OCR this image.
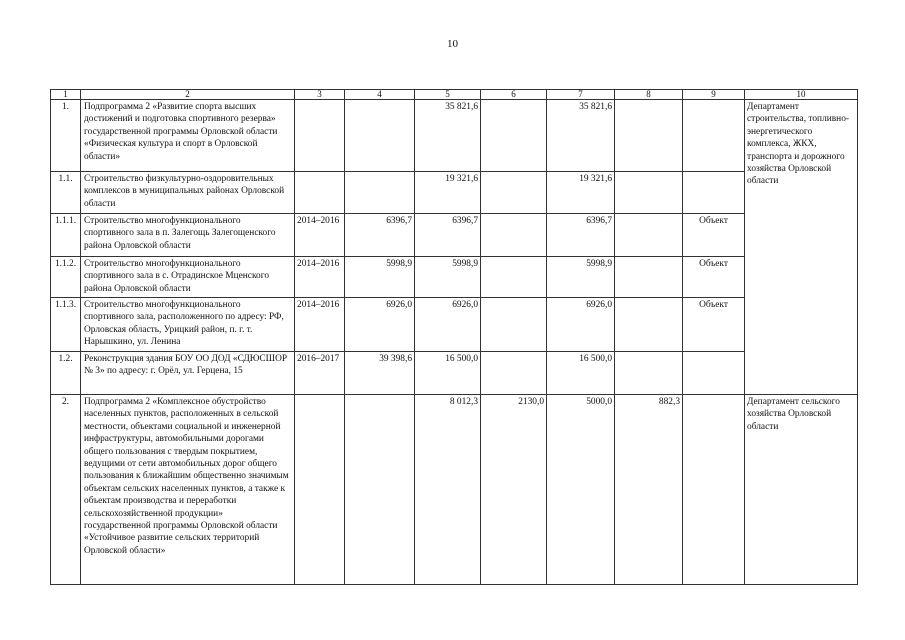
10
1	2	3	4	5	6	7	8	9	10
1.	Подпрограмма 2 «Развитие спорта высших достижений и подготовка спортивного резерва» государственной программы Орловской области «Физическая культура и спорт в Орловской области»			35 821,6		35 821,6			Департамент строительства, топливно-энергетического комплекса, ЖКХ, транспорта и дорожного хозяйства Орловской области
1.1.	Строительство физкультурно-оздоровительных комплексов в муниципальных районах Орловской области			19 321,6		19 321,6			
1.1.1.	Строительство многофункционального спортивного зала в п. Залегощь Залегощенского района Орловской области	2014–2016	6396,7	6396,7		6396,7		Объект	
1.1.2.	Строительство многофункционального спортивного зала в с. Отрадинское Мценского района Орловской области	2014–2016	5998,9	5998,9		5998,9		Объект	
1.1.3.	Строительство многофункционального спортивного зала, расположенного по адресу: РФ, Орловская область, Урицкий район, п. г. т. Нарышкино, ул. Ленина	2014–2016	6926,0	6926,0		6926,0		Объект	
1.2.	Реконструкция здания БОУ ОО ДОД «СДЮСШОР № 3» по адресу: г. Орёл, ул. Герцена, 15	2016–2017	39 398,6	16 500,0		16 500,0			
2.	Подпрограмма 2 «Комплексное обустройство населенных пунктов, расположенных в сельской местности, объектами социальной и инженерной инфраструктуры, автомобильными дорогами общего пользования с твердым покрытием, ведущими от сети автомобильных дорог общего пользования к ближайшим общественно значимым объектам сельских населенных пунктов, а также к объектам производства и переработки сельскохозяйственной продукции» государственной программы Орловской области «Устойчивое развитие сельских территорий Орловской области»			8 012,3	2130,0	5000,0	882,3		Департамент сельского хозяйства Орловской области
